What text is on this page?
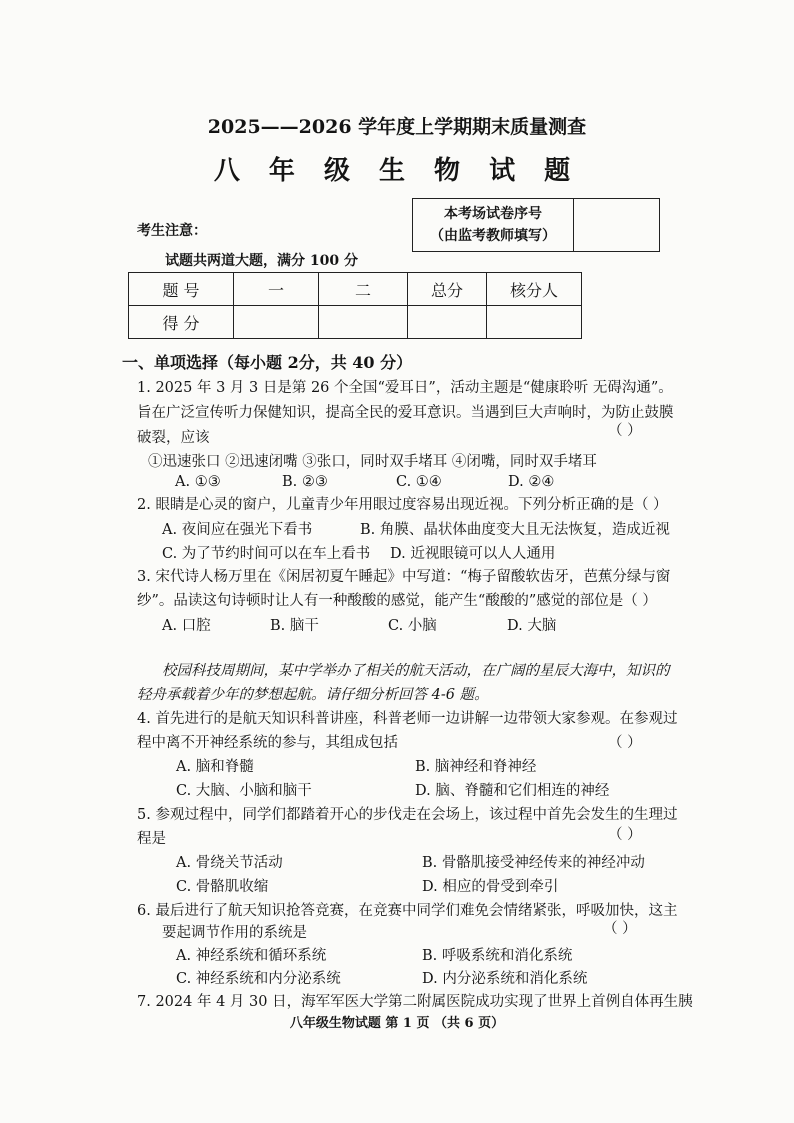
2025——2026 学年度上学期期末质量测查
八 年 级 生 物 试 题
本考场试卷序号
（由监考教师填写）
考生注意：
试题共两道大题，满分 100 分
题 号	一	二	总分	核分人
得 分				
一、单项选择（每小题 2分，共 40 分）
1. 2025 年 3 月 3 日是第 26 个全国“爱耳日”，活动主题是“健康聆听 无碍沟通”。
旨在广泛宣传听力保健知识，提高全民的爱耳意识。当遇到巨大声响时，为防止鼓膜
破裂，应该	（ ）
①迅速张口 ②迅速闭嘴 ③张口，同时双手堵耳 ④闭嘴，同时双手堵耳
A. ①③	B. ②③	C. ①④	D. ②④
2. 眼睛是心灵的窗户，儿童青少年用眼过度容易出现近视。下列分析正确的是（ ）
A. 夜间应在强光下看书	B. 角膜、晶状体曲度变大且无法恢复，造成近视
C. 为了节约时间可以在车上看书 D. 近视眼镜可以人人通用
3. 宋代诗人杨万里在《闲居初夏午睡起》中写道：“梅子留酸软齿牙，芭蕉分绿与窗
纱”。品读这句诗顿时让人有一种酸酸的感觉，能产生“酸酸的”感觉的部位是（ ）
A. 口腔	B. 脑干	C. 小脑	D. 大脑
校园科技周期间，某中学举办了相关的航天活动，在广阔的星辰大海中，知识的
轻舟承载着少年的梦想起航。请仔细分析回答 4-6 题。
4. 首先进行的是航天知识科普讲座，科普老师一边讲解一边带领大家参观。在参观过
程中离不开神经系统的参与，其组成包括	（ ）
A. 脑和脊髓	B. 脑神经和脊神经
C. 大脑、小脑和脑干	D. 脑、脊髓和它们相连的神经
5. 参观过程中，同学们都踏着开心的步伐走在会场上，该过程中首先会发生的生理过
程是	（ ）
A. 骨绕关节活动	B. 骨骼肌接受神经传来的神经冲动
C. 骨骼肌收缩	D. 相应的骨受到牵引
6. 最后进行了航天知识抢答竞赛，在竞赛中同学们难免会情绪紧张，呼吸加快，这主
要起调节作用的系统是	（ ）
A. 神经系统和循环系统	B. 呼吸系统和消化系统
C. 神经系统和内分泌系统	D. 内分泌系统和消化系统
7. 2024 年 4 月 30 日，海军军医大学第二附属医院成功实现了世界上首例自体再生胰
八年级生物试题 第 1 页 （共 6 页）
